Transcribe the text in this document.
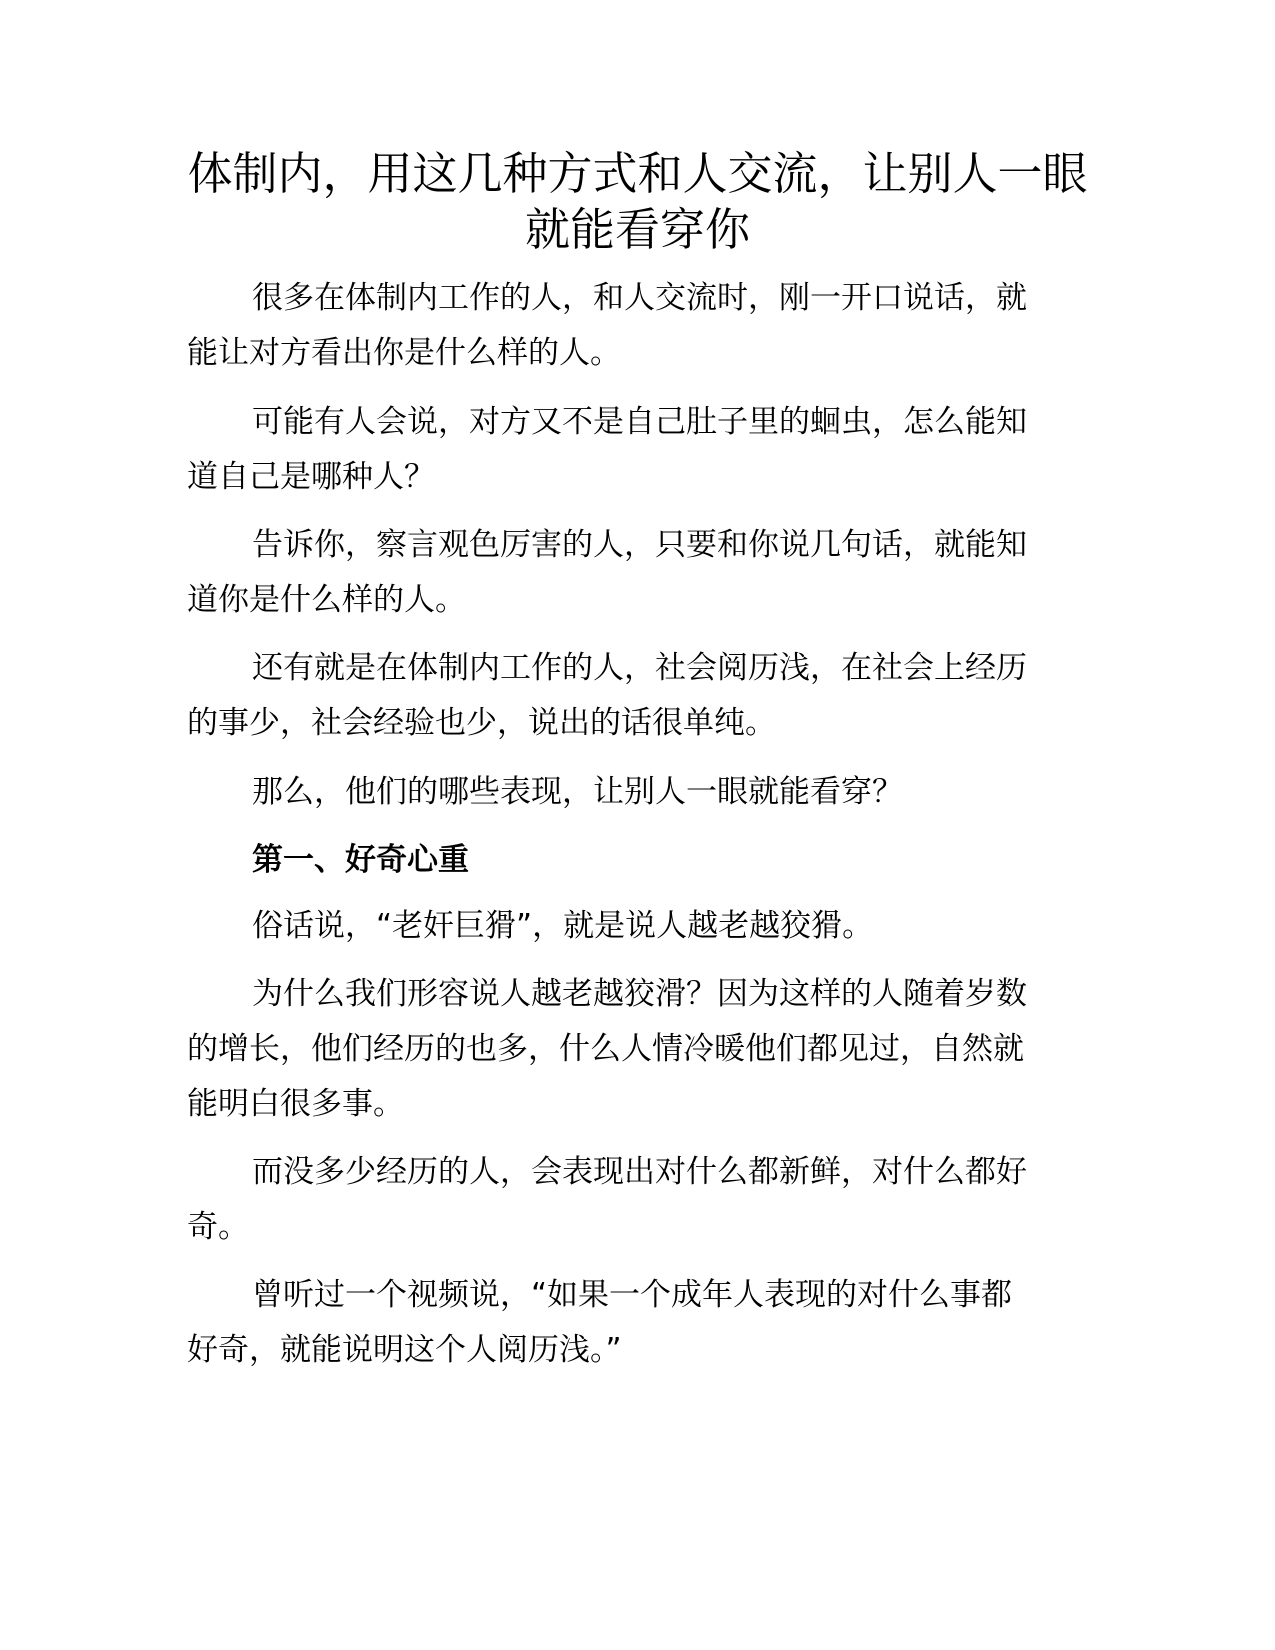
体制内，用这几种方式和人交流，让别人一眼
就能看穿你

很多在体制内工作的人，和人交流时，刚一开口说话，就

能让对方看出你是什么样的人。

可能有人会说，对方又不是自己肚子里的蛔虫，怎么能知

道自己是哪种人？

告诉你，察言观色厉害的人，只要和你说几句话，就能知

道你是什么样的人。

还有就是在体制内工作的人，社会阅历浅，在社会上经历

的事少，社会经验也少，说出的话很单纯。

那么，他们的哪些表现，让别人一眼就能看穿？

第一、好奇心重

俗话说，“老奸巨猾”，就是说人越老越狡猾。

为什么我们形容说人越老越狡滑？因为这样的人随着岁数

的增长，他们经历的也多，什么人情冷暖他们都见过，自然就

能明白很多事。

而没多少经历的人，会表现出对什么都新鲜，对什么都好

奇。

曾听过一个视频说，“如果一个成年人表现的对什么事都

好奇，就能说明这个人阅历浅。”
